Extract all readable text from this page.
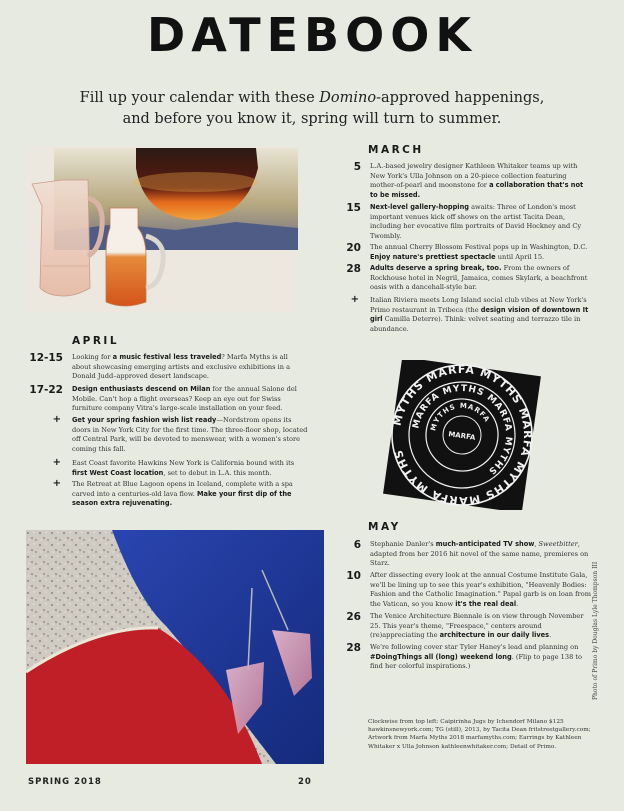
DATEBOOK
Fill up your calendar with these Domino-approved happenings,
and before you know it, spring will turn to summer.
MARCH
5 L.A.-based jewelry designer Kathleen Whitaker teams up with New York's Ulla Johnson on a 20-piece collection featuring mother-of-pearl and moonstone for a collaboration that's not to be missed.
15 Next-level gallery-hopping awaits: Three of London's most important venues kick off shows on the artist Tacita Dean, including her evocative film portraits of David Hockney and Cy Twombly.
20 The annual Cherry Blossom Festival pops up in Washington, D.C. Enjoy nature's prettiest spectacle until April 15.
28 Adults deserve a spring break, too. From the owners of Rockhouse hotel in Negril, Jamaica, comes Skylark, a beachfront oasis with a dancehall-style bar.
+ Italian Riviera meets Long Island social club vibes at New York's Primo restaurant in Tribeca (the design vision of downtown It girl Camilla Deterre). Think: velvet seating and terrazzo tile in abundance.
APRIL
12-15 Looking for a music festival less traveled? Marfa Myths is all about showcasing emerging artists and exclusive exhibitions in a Donald Judd–approved desert landscape.
17-22 Design enthusiasts descend on Milan for the annual Salone del Mobile. Can't hop a flight overseas? Keep an eye out for Swiss furniture company Vitra's large-scale installation on your feed.
+ Get your spring fashion wish list ready—Nordstrom opens its doors in New York City for the first time. The three-floor shop, located off Central Park, will be devoted to menswear, with a women's store coming this fall.
+ East Coast favorite Hawkins New York is California bound with its first West Coast location, set to debut in L.A. this month.
+ The Retreat at Blue Lagoon opens in Iceland, complete with a spa carved into a centuries-old lava flow. Make your first dip of the season extra rejuvenating.
MYTHS MARFA MYTHS MARFA MYTHS MARFA MYTHS
MARFA MYTHS MARFA MYTHS
MYTHS MARFA
MARFA
MAY
6 Stephanie Danler's much-anticipated TV show, Sweetbitter, adapted from her 2016 hit novel of the same name, premieres on Starz.
10 After dissecting every look at the annual Costume Institute Gala, we'll be lining up to see this year's exhibition, "Heavenly Bodies: Fashion and the Catholic Imagination." Papal garb is on loan from the Vatican, so you know it's the real deal.
26 The Venice Architecture Biennale is on view through November 25. This year's theme, "Freespace," centers around (re)appreciating the architecture in our daily lives.
28 We're following cover star Tyler Haney's lead and planning on #DoingThings all (long) weekend long. (Flip to page 138 to find her colorful inspirations.)
Clockwise from top left: Caipirinha Jugs by Ichendorf Milano $125 hawkinsnewyork.com; TG (still), 2013, by Tacita Dean fritstreetgallery.com; Artwork from Marfa Myths 2018 marfamyths.com; Earrings by Kathleen Whitaker x Ulla Johnson kathleenwhitaker.com; Detail of Primo.
Photo of Primo by Douglas Lyle Thompson III
SPRING 2018	20
